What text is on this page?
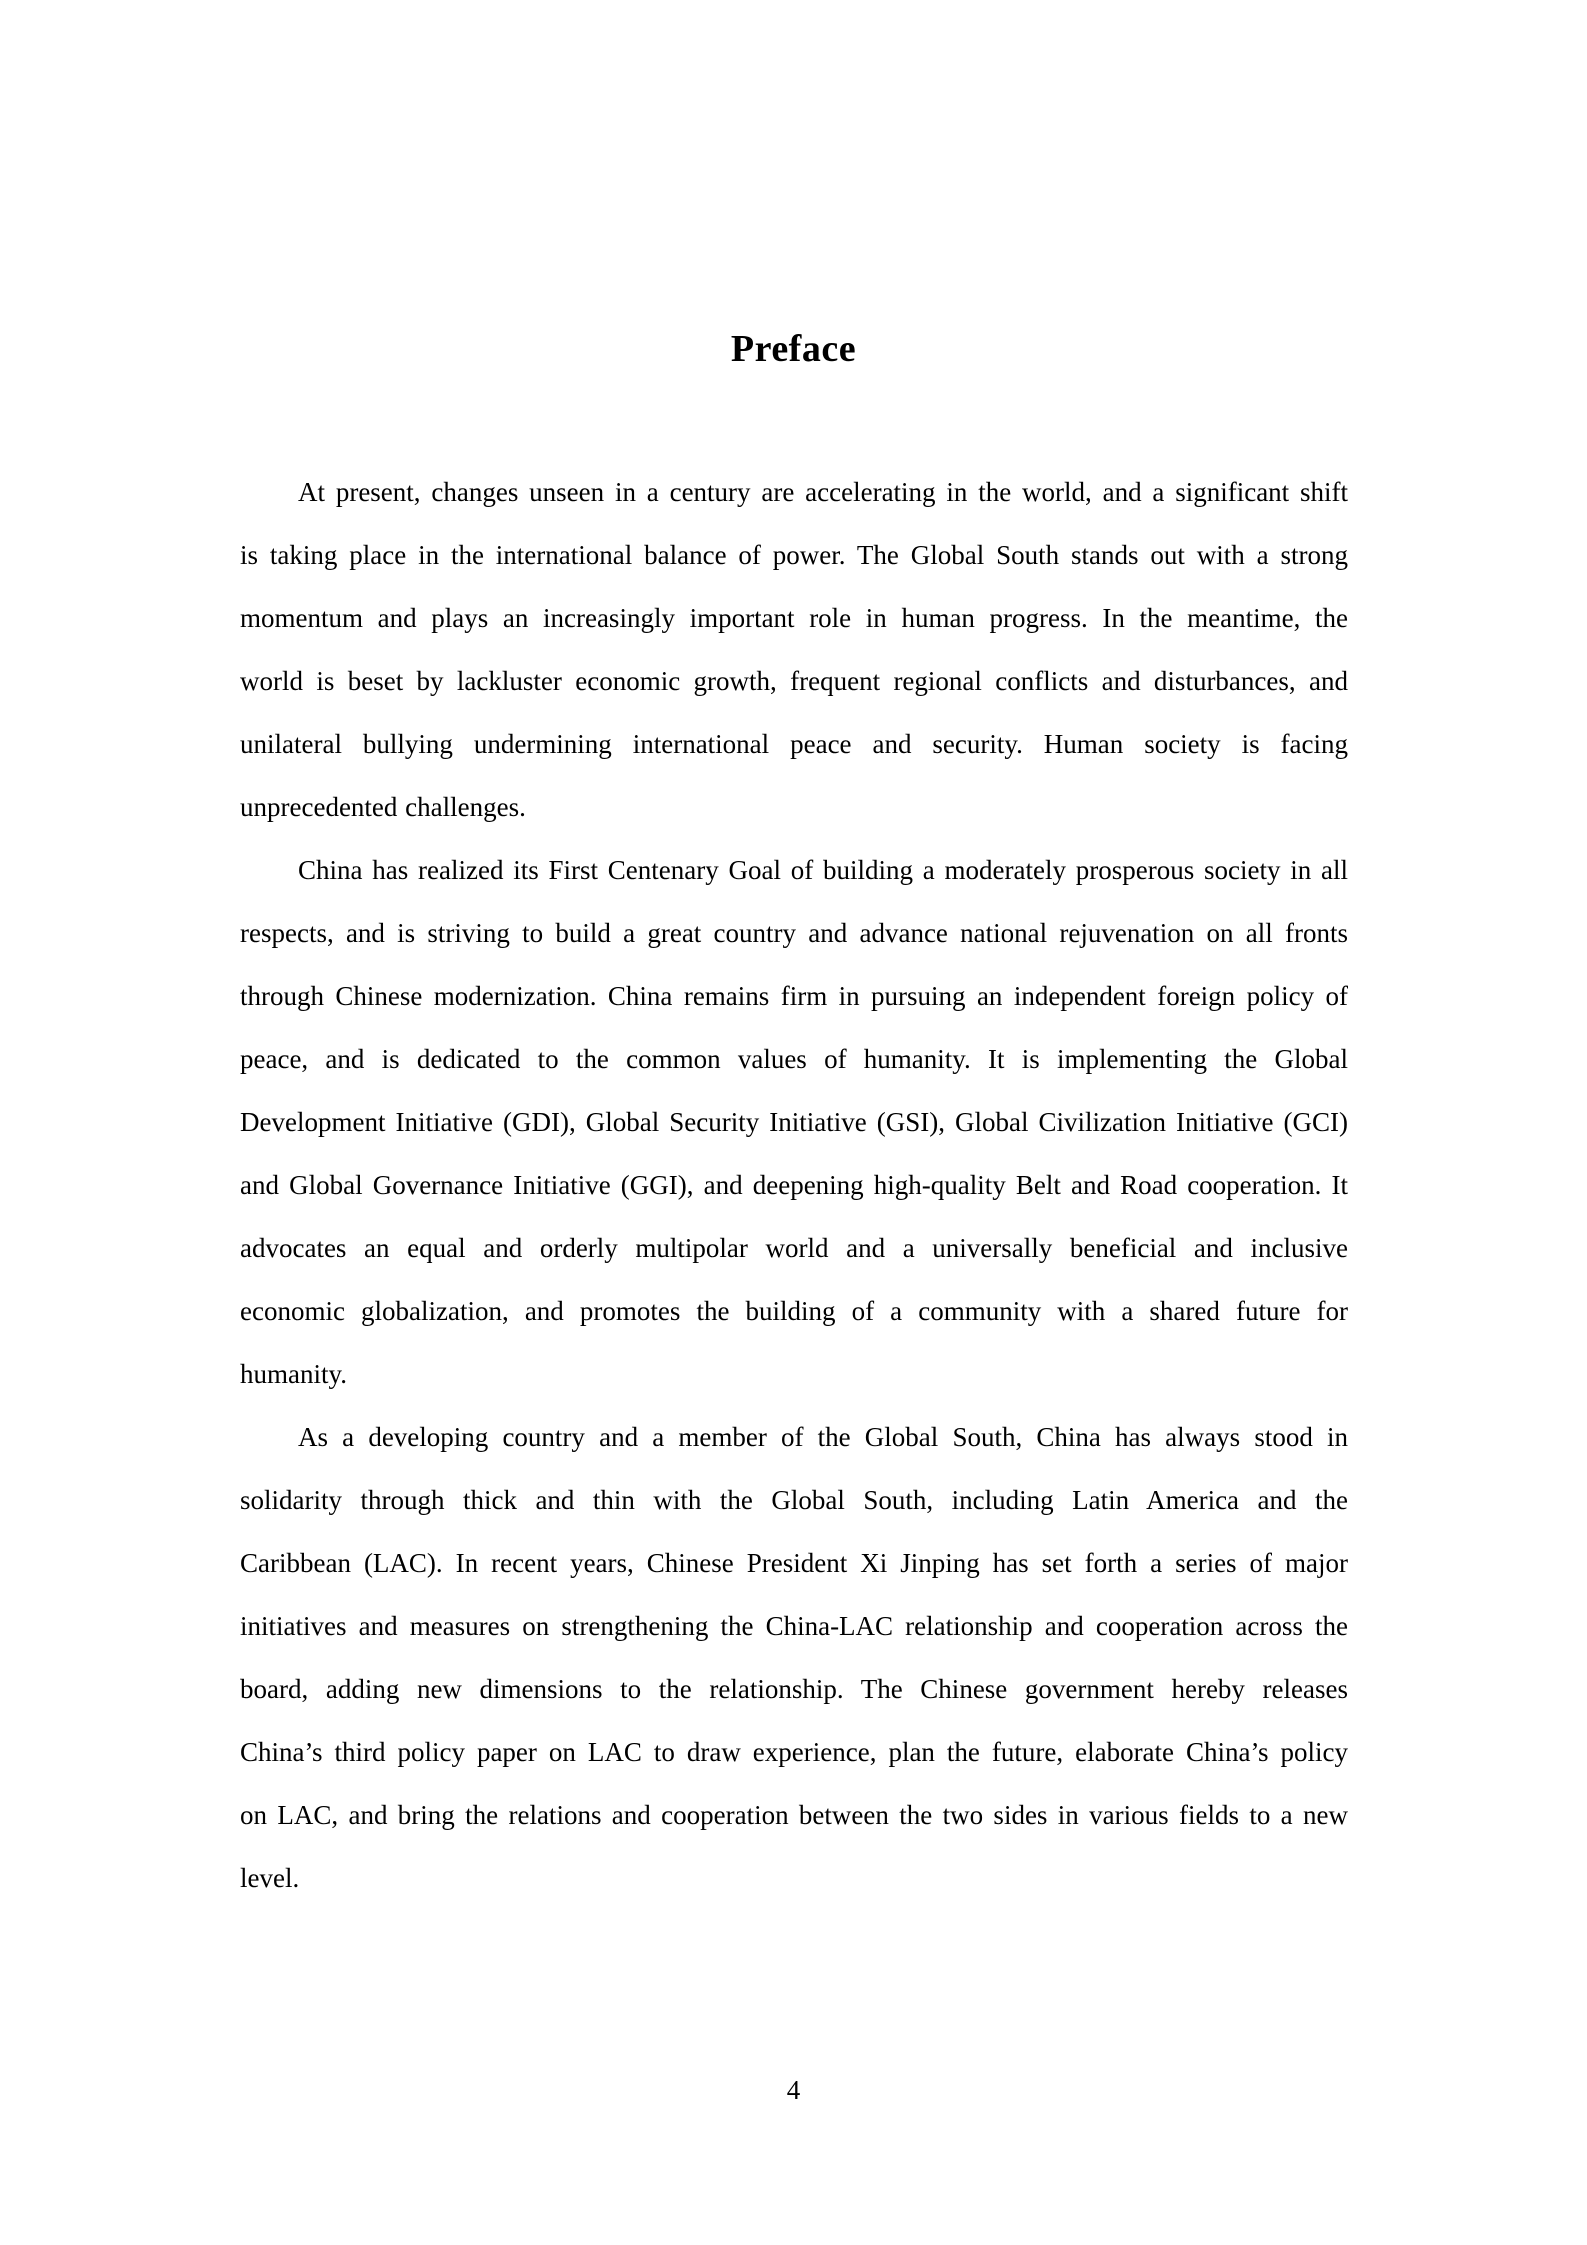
Preface
At present, changes unseen in a century are accelerating in the world, and a significant shift
is taking place in the international balance of power. The Global South stands out with a strong
momentum and plays an increasingly important role in human progress. In the meantime, the
world is beset by lackluster economic growth, frequent regional conflicts and disturbances, and
unilateral bullying undermining international peace and security. Human society is facing
unprecedented challenges.
China has realized its First Centenary Goal of building a moderately prosperous society in all
respects, and is striving to build a great country and advance national rejuvenation on all fronts
through Chinese modernization. China remains firm in pursuing an independent foreign policy of
peace, and is dedicated to the common values of humanity. It is implementing the Global
Development Initiative (GDI), Global Security Initiative (GSI), Global Civilization Initiative (GCI)
and Global Governance Initiative (GGI), and deepening high-quality Belt and Road cooperation. It
advocates an equal and orderly multipolar world and a universally beneficial and inclusive
economic globalization, and promotes the building of a community with a shared future for
humanity.
As a developing country and a member of the Global South, China has always stood in
solidarity through thick and thin with the Global South, including Latin America and the
Caribbean (LAC). In recent years, Chinese President Xi Jinping has set forth a series of major
initiatives and measures on strengthening the China-LAC relationship and cooperation across the
board, adding new dimensions to the relationship. The Chinese government hereby releases
China’s third policy paper on LAC to draw experience, plan the future, elaborate China’s policy
on LAC, and bring the relations and cooperation between the two sides in various fields to a new
level.
4
